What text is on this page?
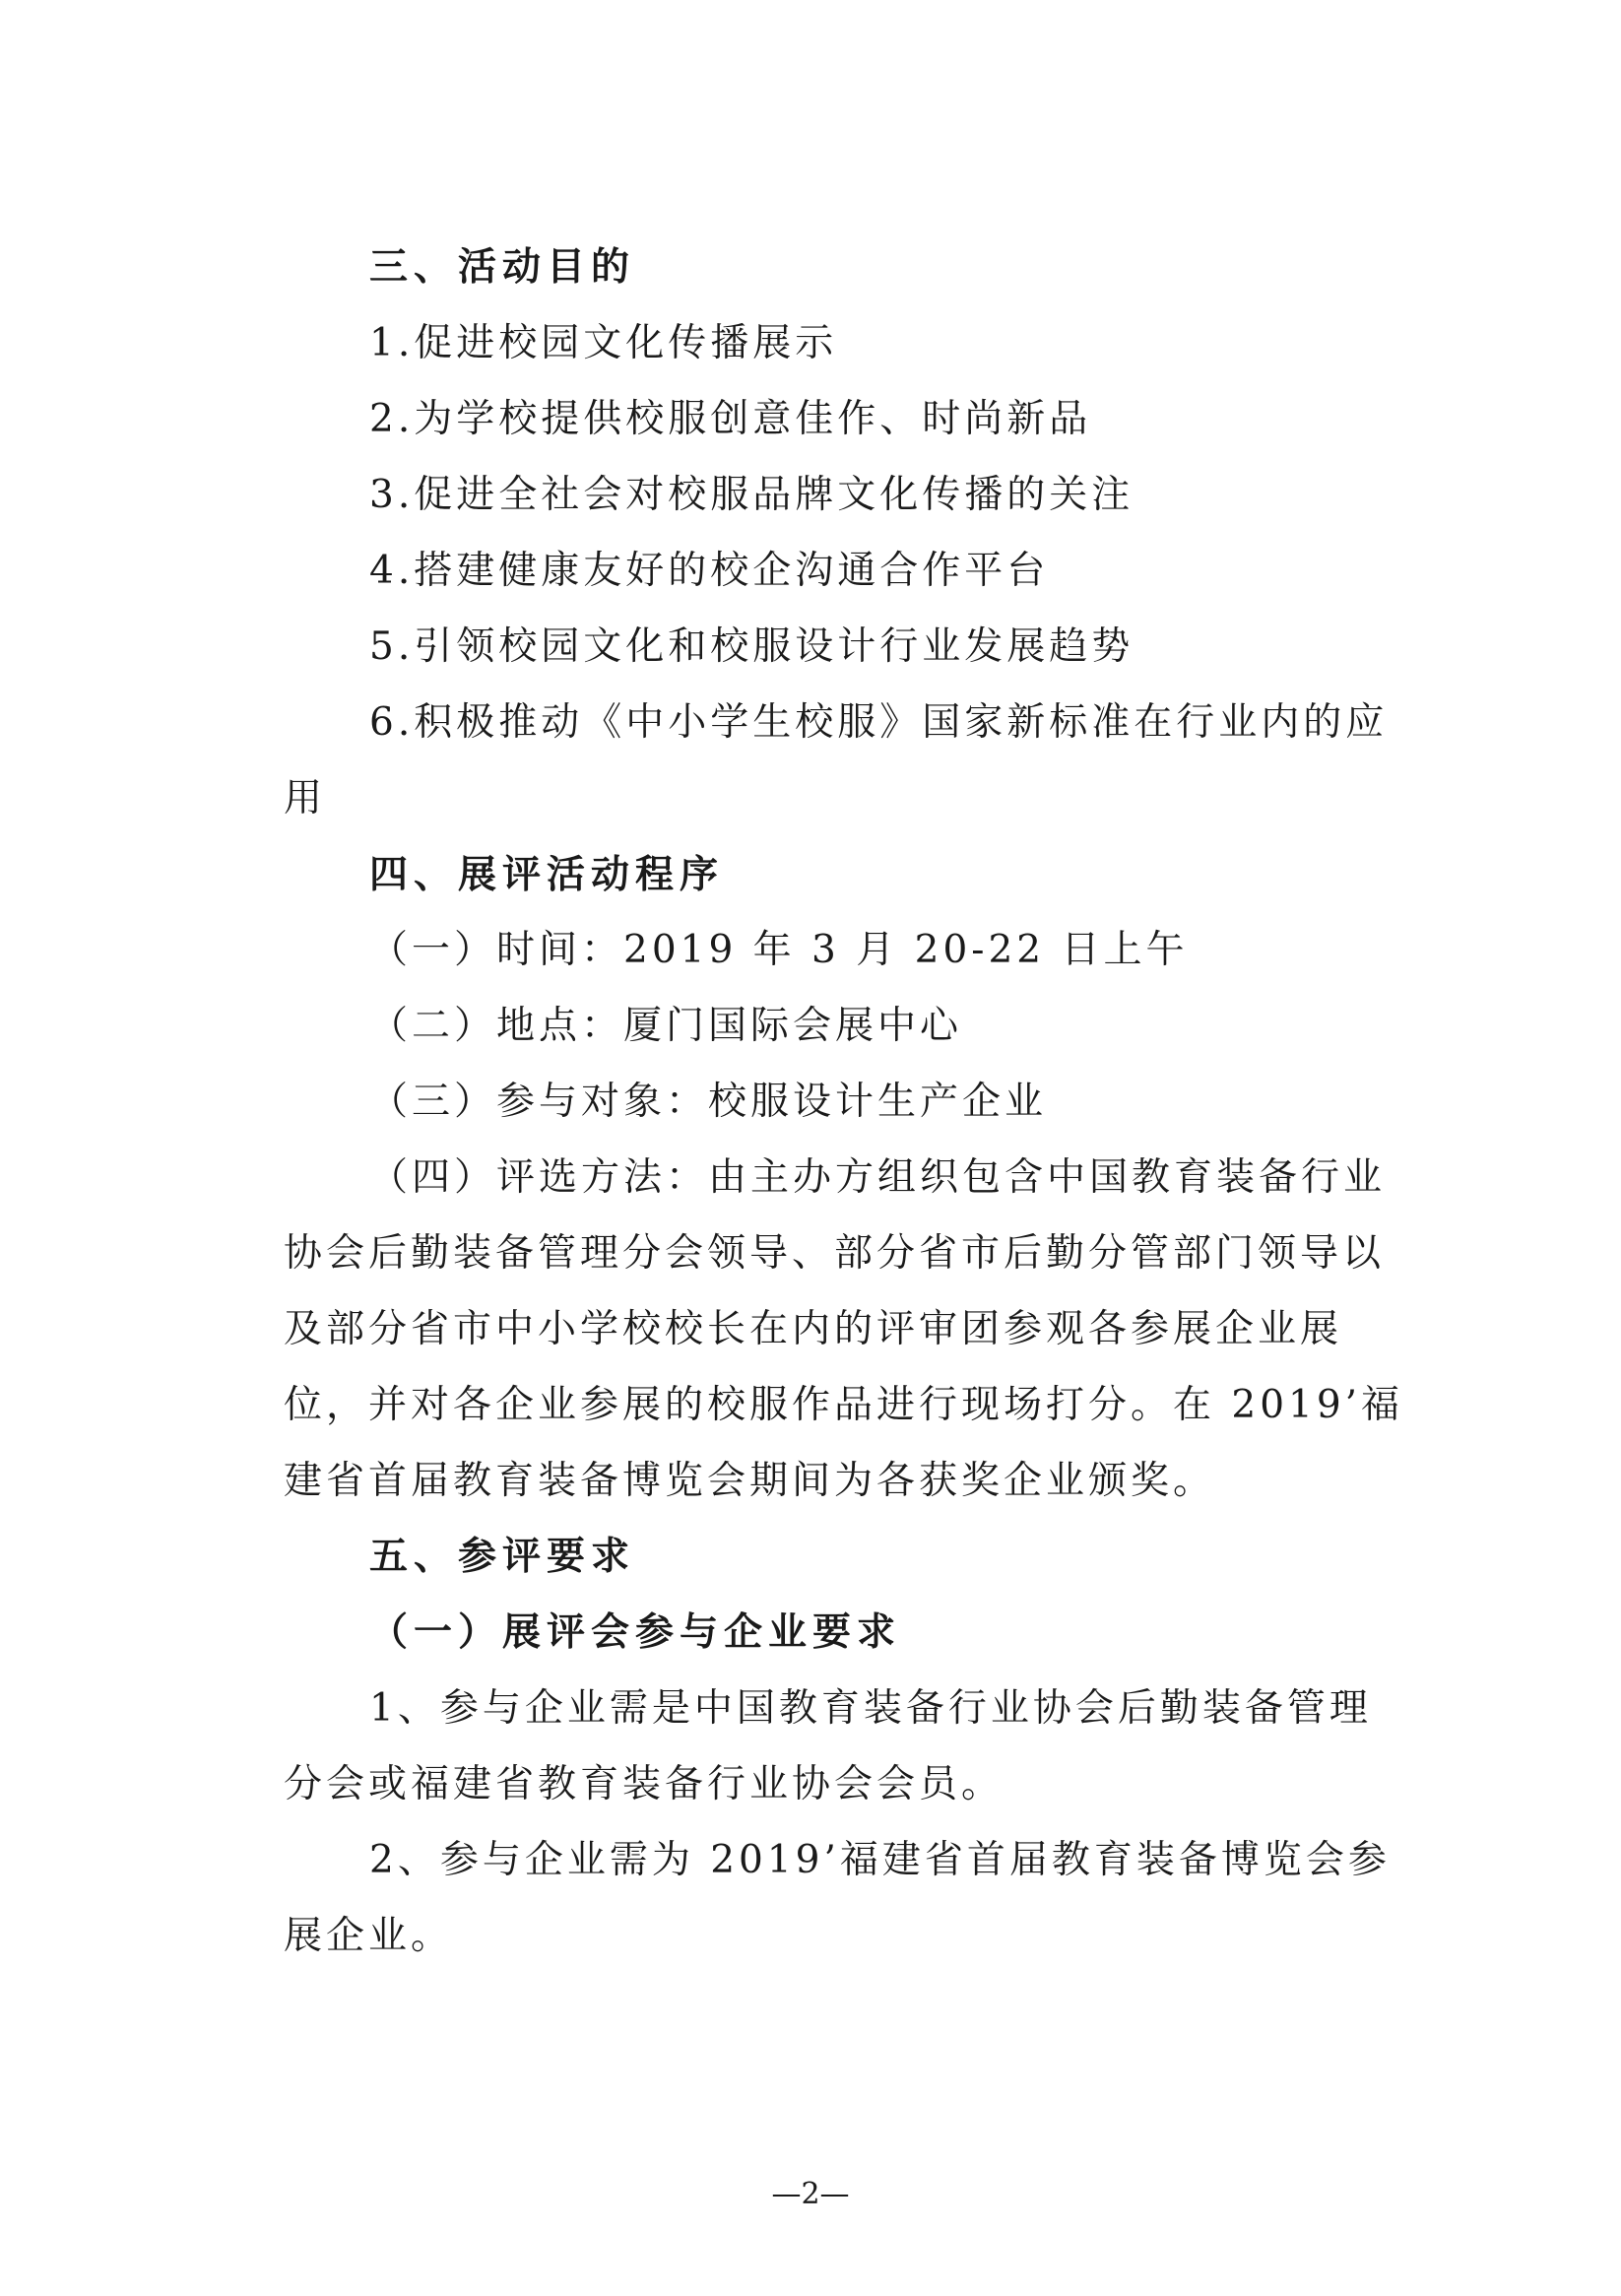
三、活动目的
1.促进校园文化传播展示
2.为学校提供校服创意佳作、时尚新品
3.促进全社会对校服品牌文化传播的关注
4.搭建健康友好的校企沟通合作平台
5.引领校园文化和校服设计行业发展趋势
6.积极推动《中小学生校服》国家新标准在行业内的应
用
四、展评活动程序
（一）时间：2019 年 3 月 20-22 日上午
（二）地点：厦门国际会展中心
（三）参与对象：校服设计生产企业
（四）评选方法：由主办方组织包含中国教育装备行业
协会后勤装备管理分会领导、部分省市后勤分管部门领导以
及部分省市中小学校校长在内的评审团参观各参展企业展
位，并对各企业参展的校服作品进行现场打分。在 2019’福
建省首届教育装备博览会期间为各获奖企业颁奖。
五、参评要求
（一）展评会参与企业要求
1、参与企业需是中国教育装备行业协会后勤装备管理
分会或福建省教育装备行业协会会员。
2、参与企业需为 2019’福建省首届教育装备博览会参
展企业。
—2—
